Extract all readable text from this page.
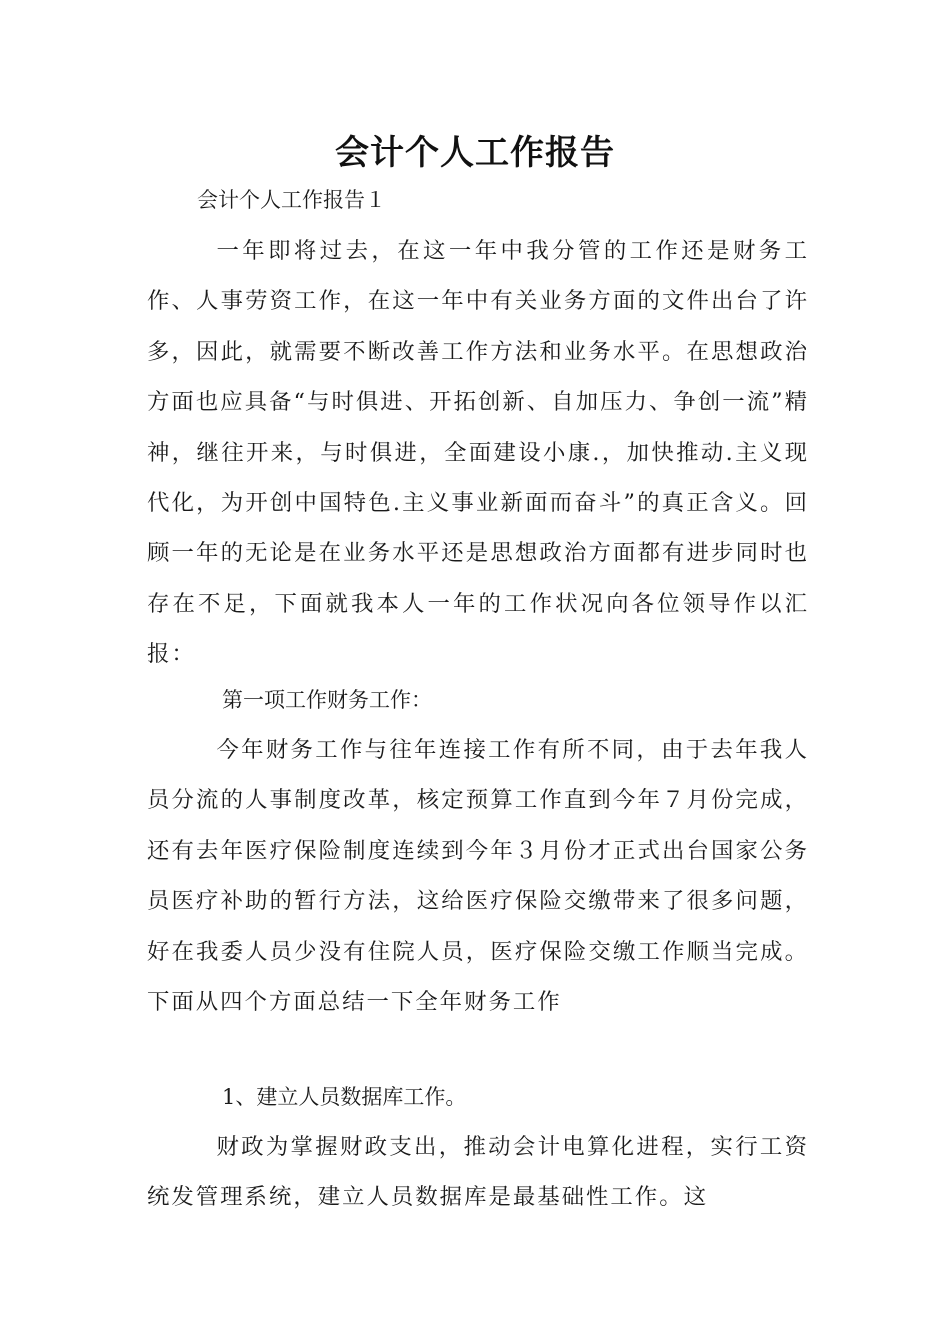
会计个人工作报告
会计个人工作报告１

一年即将过去，在这一年中我分管的工作还是财务工作、人事劳资工作，在这一年中有关业务方面的文件出台了许多，因此，就需要不断改善工作方法和业务水平。在思想政治方面也应具备“与时俱进、开拓创新、自加压力、争创一流”精神，继往开来，与时俱进，全面建设小康.，加快推动.主义现代化，为开创中国特色.主义事业新面而奋斗”的真正含义。回顾一年的无论是在业务水平还是思想政治方面都有进步同时也存在不足，下面就我本人一年的工作状况向各位领导作以汇报：

第一项工作财务工作：

今年财务工作与往年连接工作有所不同，由于去年我人员分流的人事制度改革，核定预算工作直到今年７月份完成，还有去年医疗保险制度连续到今年３月份才正式出台国家公务员医疗补助的暂行方法，这给医疗保险交缴带来了很多问题，好在我委人员少没有住院人员，医疗保险交缴工作顺当完成。下面从四个方面总结一下全年财务工作

1、建立人员数据库工作。

财政为掌握财政支出，推动会计电算化进程，实行工资统发管理系统，建立人员数据库是最基础性工作。这
